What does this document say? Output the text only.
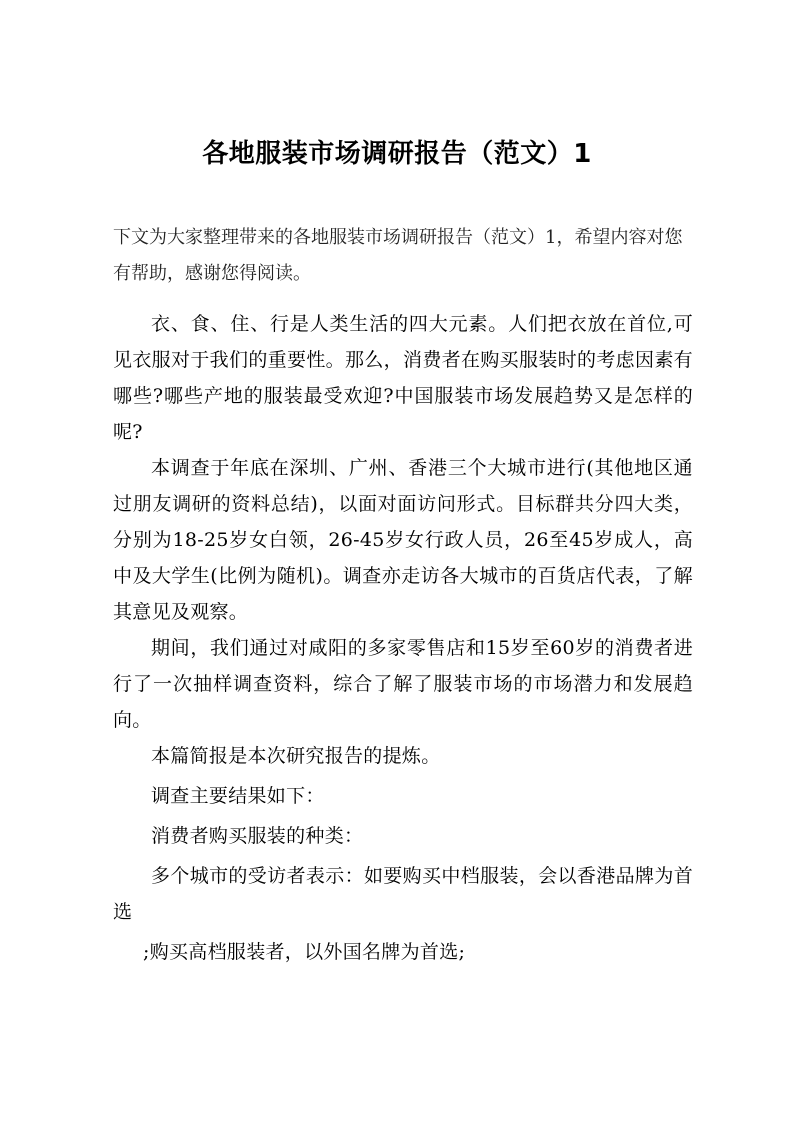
各地服装市场调研报告（范文）1
下文为大家整理带来的各地服装市场调研报告（范文）1，希望内容对您有帮助，感谢您得阅读。

衣、食、住、行是人类生活的四大元素。人们把衣放在首位,可见衣服对于我们的重要性。那么，消费者在购买服装时的考虑因素有哪些?哪些产地的服装最受欢迎?中国服装市场发展趋势又是怎样的呢?

本调查于年底在深圳、广州、香港三个大城市进行(其他地区通过朋友调研的资料总结)，以面对面访问形式。目标群共分四大类，分别为18-25岁女白领，26-45岁女行政人员，26至45岁成人，高中及大学生(比例为随机)。调查亦走访各大城市的百货店代表，了解其意见及观察。

期间，我们通过对咸阳的多家零售店和15岁至60岁的消费者进行了一次抽样调查资料，综合了解了服装市场的市场潜力和发展趋向。

本篇简报是本次研究报告的提炼。

调查主要结果如下：

消费者购买服装的种类：

多个城市的受访者表示：如要购买中档服装，会以香港品牌为首选

;购买高档服装者，以外国名牌为首选;
